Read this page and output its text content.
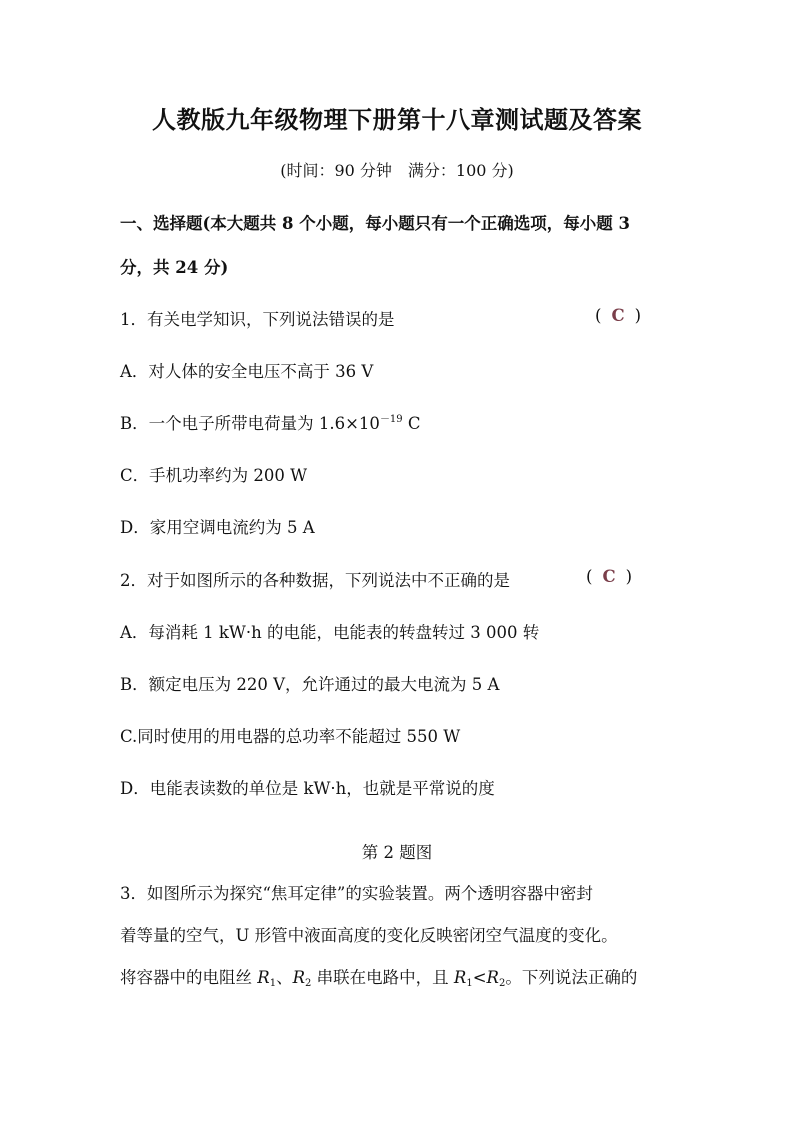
人教版九年级物理下册第十八章测试题及答案
(时间：90 分钟　满分：100 分)
一、选择题(本大题共 8 个小题，每小题只有一个正确选项，每小题 3
分，共 24 分)
1．有关电学知识，下列说法错误的是	( C )
A．对人体的安全电压不高于 36 V
B．一个电子所带电荷量为 $1.6\times 10^{-19}$ C
C．手机功率约为 200 W
D．家用空调电流约为 5 A
2．对于如图所示的各种数据，下列说法中不正确的是	( C )
A．每消耗 1 kW·h 的电能，电能表的转盘转过 3 000 转
B．额定电压为 220 V，允许通过的最大电流为 5 A
C.同时使用的用电器的总功率不能超过 550 W
D．电能表读数的单位是 kW·h，也就是平常说的度
第 2 题图
3．如图所示为探究“焦耳定律”的实验装置。两个透明容器中密封
着等量的空气，U 形管中液面高度的变化反映密闭空气温度的变化。
将容器中的电阻丝 $R_1$、$R_2$ 串联在电路中，且 $R_1<R_2$。下列说法正确的
